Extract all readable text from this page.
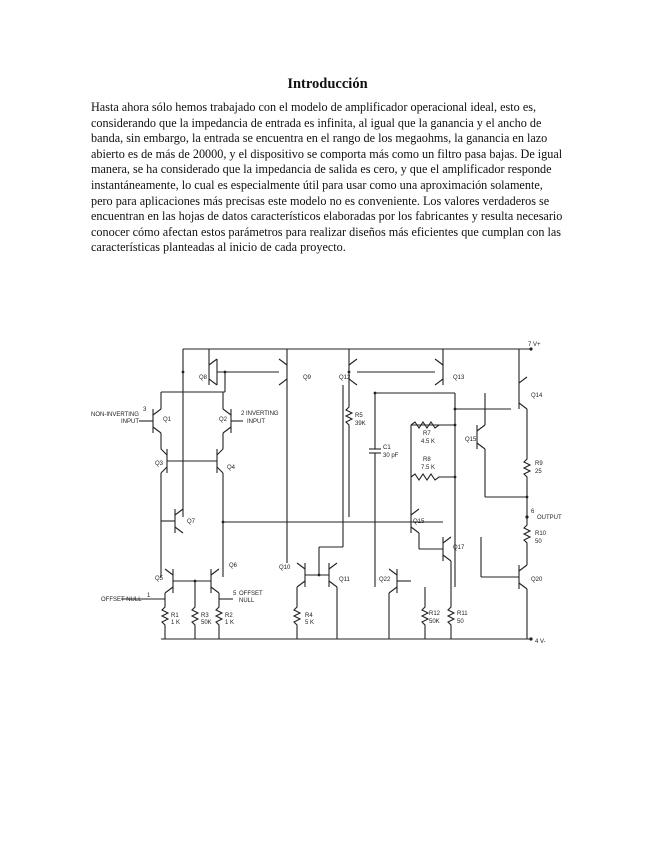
Introducción

Hasta ahora sólo hemos trabajado con el modelo de amplificador operacional ideal, esto es, considerando que la impedancia de entrada es infinita, al igual que la ganancia y el ancho de banda, sin embargo, la entrada se encuentra en el rango de los megaohms, la ganancia en lazo abierto es de más de 20000, y el dispositivo se comporta más como un filtro pasa bajas. De igual manera, se ha considerado que la impedancia de salida es cero, y que el amplificador responde instantáneamente, lo cual es especialmente útil para usar como una aproximación solamente, pero para aplicaciones más precisas este modelo no es conveniente. Los valores verdaderos se encuentran en las hojas de datos característicos elaboradas por los fabricantes y resulta necesario conocer cómo afectan estos parámetros para realizar diseños más eficientes que cumplan con las características planteadas al inicio de cada proyecto.

7 V+
4 V-
Q8	Q9	Q12	Q13
Q14
NON-INVERTING
INPUT
3
Q1
2 INVERTING
INPUT
Q2
Q3
Q4
Q7
Q5
Q6
OFFSET NULL
1	5 OFFSET
NULL
R1
1 K
R3
50K
R2
1 K
Q10
Q11
R4
5 K
R5
39K
C1
30 pF
R7
4.5 K
R8
7.5 K
Q15
R9
25
6
OUTPUT
R10
50
Q20
Q15
Q17
Q22
R12
50K
R11
50
